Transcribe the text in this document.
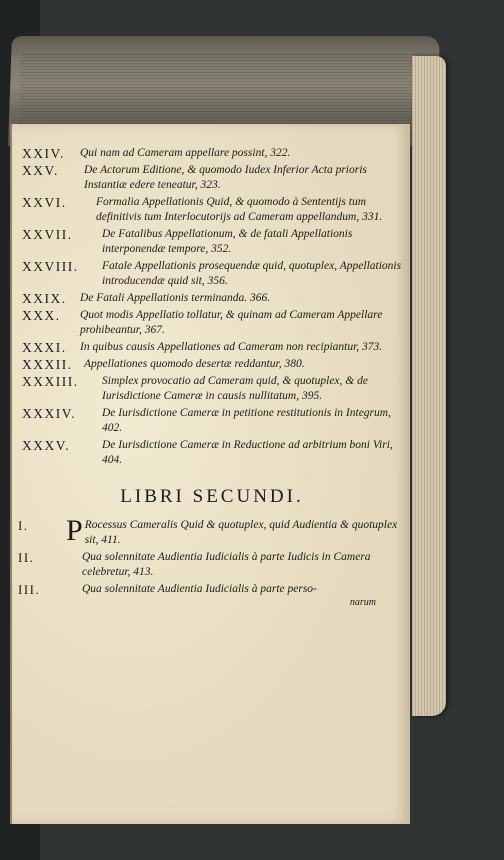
XXIV.	Qui nam ad Cameram appellare possint, 322.
XXV.	De Actorum Editione, & quomodo Iudex Inferior Acta prioris Instantiæ edere teneatur, 323.
XXVI.	Formalia Appellationis Quid, & quomodo à Sententijs tum definitivis tum Interlocutorijs ad Cameram appellandum, 331.
XXVII.	De Fatalibus Appellationum, & de fatali Appellationis interponendæ tempore, 352.
XXVIII.	Fatale Appellationis prosequendæ quid, quotuplex, Appellationis introducendæ quid sit, 356.
XXIX.	De Fatali Appellationis terminanda. 366.
XXX.	Quot modis Appellatio tollatur, & quinam ad Cameram Appellare prohibeantur, 367.
XXXI.	In quibus causis Appellationes ad Cameram non recipiantur, 373.
XXXII. Appellationes quomodo desertæ reddantur, 380.
XXXIII.	Simplex provocatio ad Cameram quid, & quotuplex, & de Iurisdictione Cameræ in causis nullitatum, 395.
XXXIV.	De Iurisdictione Cameræ in petitione restitutionis in Integrum, 402.
XXXV.	De Iurisdictione Cameræ in Reductione ad arbitrium boni Viri, 404.
LIBRI SECUNDI.
I. P Rocessus Cameralis Quid & quotuplex, quid Audientia & quotuplex sit, 411.
II.	Qua solennitate Audientia Iudicialis à parte Iudicis in Camera celebretur, 413.
III.	Qua solennitate Audientia Iudicialis à parte perso-
narum
